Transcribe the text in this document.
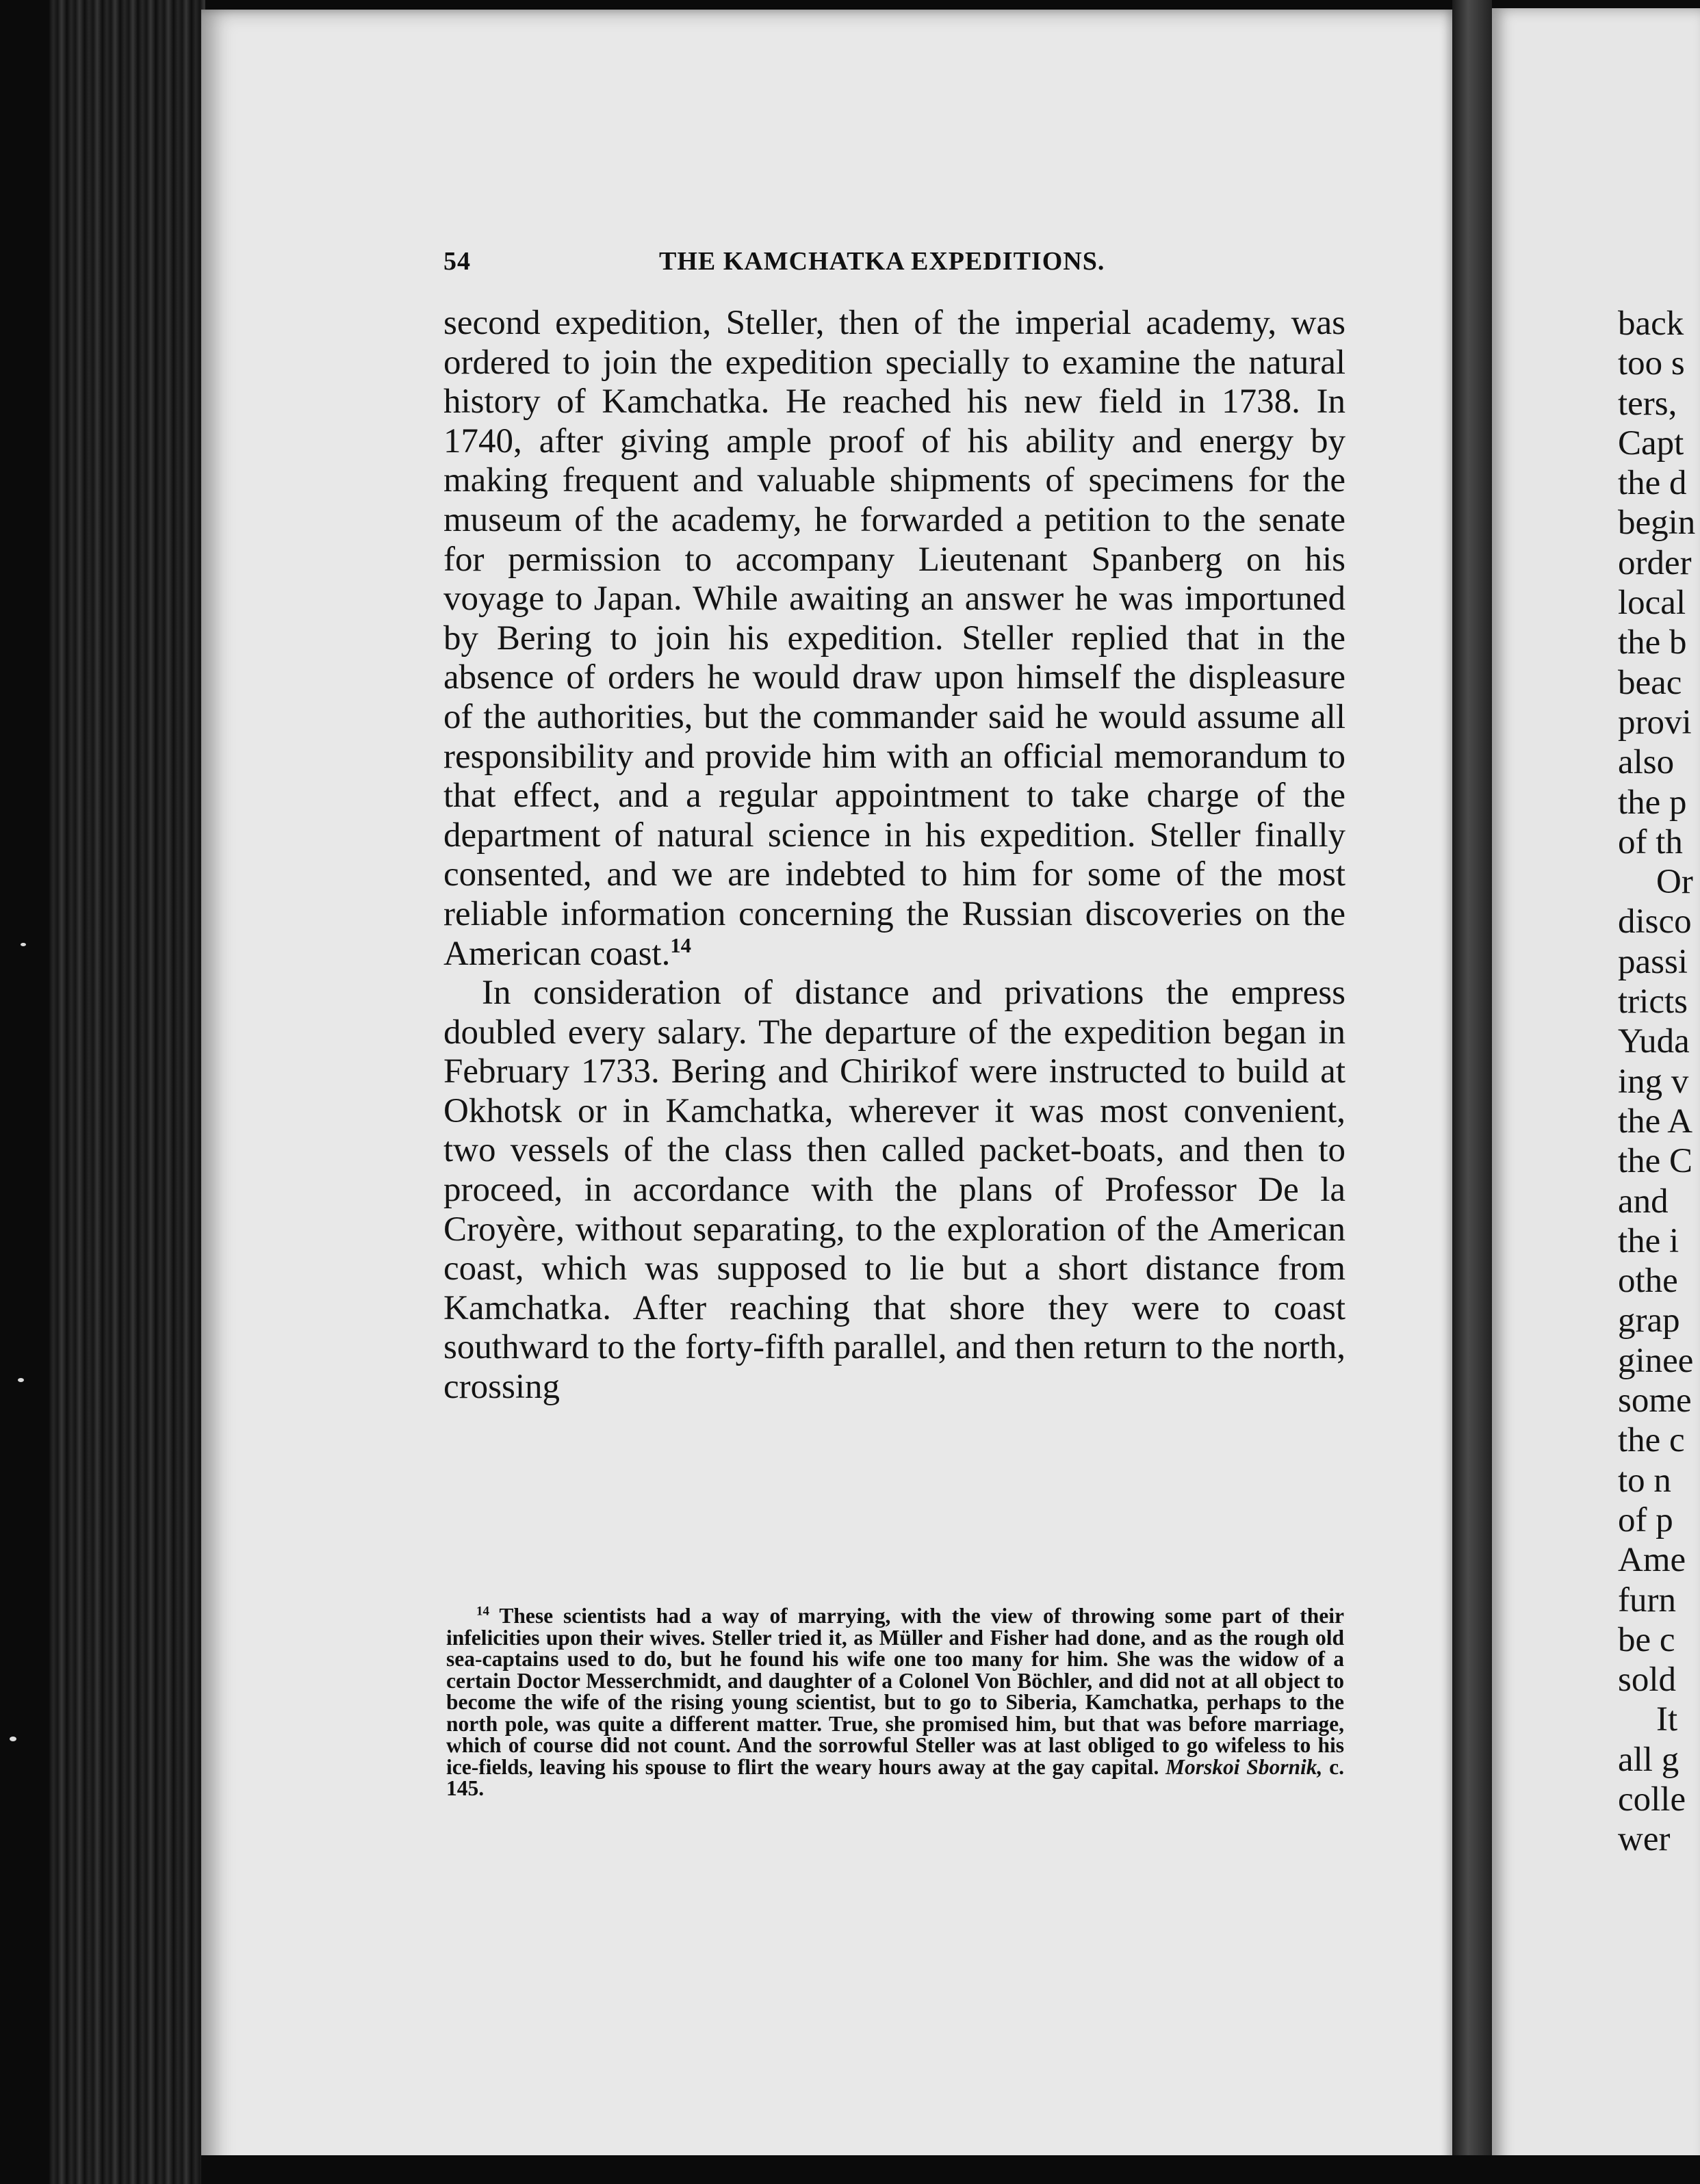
back
too s
ters,
Capt
the d
begin
order
local
the b
beac
provi
also
the p
of th
Or
disco
passi
tricts
Yuda
ing v
the A
the C
and
the i
othe
grap
ginee
some
the c
to n
of p
Ame
furn
be c
sold
It
all g
colle
wer
54	THE KAMCHATKA EXPEDITIONS.

second expedition, Steller, then of the imperial academy, was ordered to join the expedition specially to examine the natural history of Kamchatka. He reached his new field in 1738. In 1740, after giving ample proof of his ability and energy by making frequent and valuable shipments of specimens for the museum of the academy, he forwarded a petition to the senate for permission to accompany Lieutenant Spanberg on his voyage to Japan. While awaiting an answer he was importuned by Bering to join his expedition. Steller replied that in the absence of orders he would draw upon himself the displeasure of the authorities, but the commander said he would assume all responsibility and provide him with an official memorandum to that effect, and a regular appointment to take charge of the department of natural science in his expedition. Steller finally consented, and we are indebted to him for some of the most reliable information concerning the Russian discoveries on the American coast.$^{14}$

In consideration of distance and privations the empress doubled every salary. The departure of the expedition began in February 1733. Bering and Chirikof were instructed to build at Okhotsk or in Kamchatka, wherever it was most convenient, two vessels of the class then called packet-boats, and then to proceed, in accordance with the plans of Professor De la Croyère, without separating, to the exploration of the American coast, which was supposed to lie but a short distance from Kamchatka. After reaching that shore they were to coast southward to the forty-fifth parallel, and then return to the north, crossing

$^{14}$ These scientists had a way of marrying, with the view of throwing some part of their infelicities upon their wives. Steller tried it, as Müller and Fisher had done, and as the rough old sea-captains used to do, but he found his wife one too many for him. She was the widow of a certain Doctor Messerchmidt, and daughter of a Colonel Von Böchler, and did not at all object to become the wife of the rising young scientist, but to go to Siberia, Kamchatka, perhaps to the north pole, was quite a different matter. True, she promised him, but that was before marriage, which of course did not count. And the sorrowful Steller was at last obliged to go wifeless to his ice-fields, leaving his spouse to flirt the weary hours away at the gay capital. Morskoi Sbornik, c. 145.
